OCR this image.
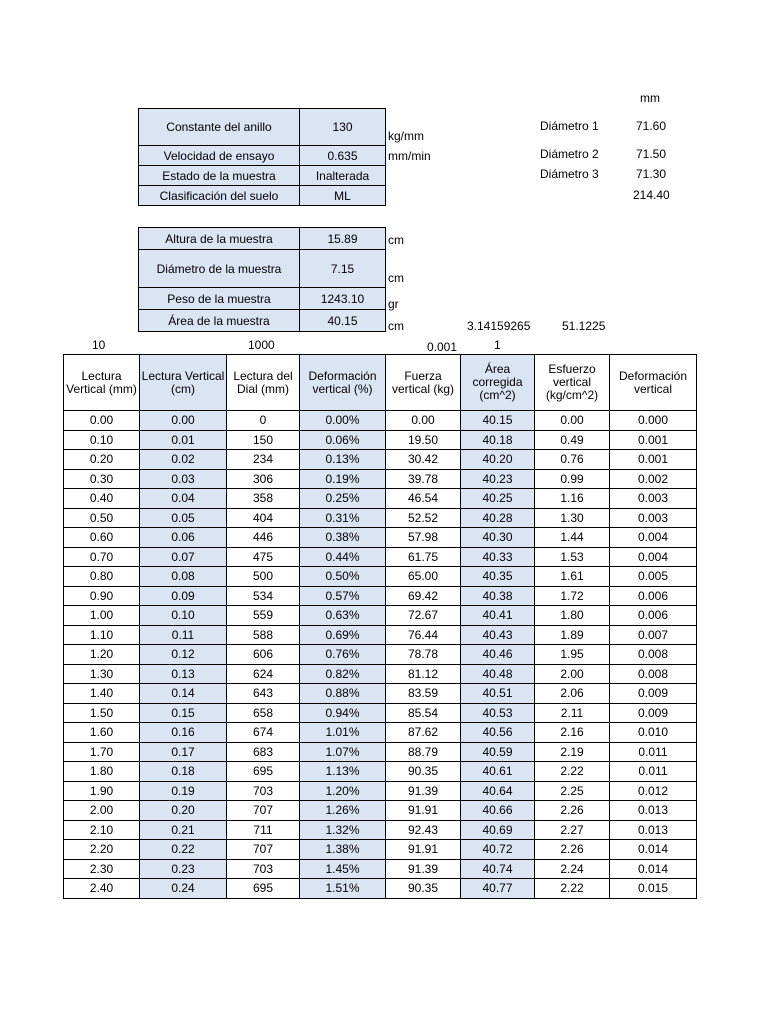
mm
Diámetro 1	71.60
Diámetro 2	71.50
Diámetro 3	71.30
214.40
Constante del anillo	130
Velocidad de ensayo	0.635
Estado de la muestra	Inalterada
Clasificación del suelo	ML
kg/mm
mm/min
Altura de la muestra	15.89
Diámetro de la muestra	7.15
Peso de la muestra	1243.10
Área de la muestra	40.15
cm
cm
gr
cm	3.14159265	51.1225
10	1000	0.001	1
Lectura Vertical (mm)	Lectura Vertical (cm)	Lectura del Dial (mm)	Deformación vertical (%)	Fuerza vertical (kg)	Área corregida (cm^2)	Esfuerzo vertical (kg/cm^2)	Deformación vertical
0.00	0.00	0	0.00%	0.00	40.15	0.00	0.000
0.10	0.01	150	0.06%	19.50	40.18	0.49	0.001
0.20	0.02	234	0.13%	30.42	40.20	0.76	0.001
0.30	0.03	306	0.19%	39.78	40.23	0.99	0.002
0.40	0.04	358	0.25%	46.54	40.25	1.16	0.003
0.50	0.05	404	0.31%	52.52	40.28	1.30	0.003
0.60	0.06	446	0.38%	57.98	40.30	1.44	0.004
0.70	0.07	475	0.44%	61.75	40.33	1.53	0.004
0.80	0.08	500	0.50%	65.00	40.35	1.61	0.005
0.90	0.09	534	0.57%	69.42	40.38	1.72	0.006
1.00	0.10	559	0.63%	72.67	40.41	1.80	0.006
1.10	0.11	588	0.69%	76.44	40.43	1.89	0.007
1.20	0.12	606	0.76%	78.78	40.46	1.95	0.008
1.30	0.13	624	0.82%	81.12	40.48	2.00	0.008
1.40	0.14	643	0.88%	83.59	40.51	2.06	0.009
1.50	0.15	658	0.94%	85.54	40.53	2.11	0.009
1.60	0.16	674	1.01%	87.62	40.56	2.16	0.010
1.70	0.17	683	1.07%	88.79	40.59	2.19	0.011
1.80	0.18	695	1.13%	90.35	40.61	2.22	0.011
1.90	0.19	703	1.20%	91.39	40.64	2.25	0.012
2.00	0.20	707	1.26%	91.91	40.66	2.26	0.013
2.10	0.21	711	1.32%	92.43	40.69	2.27	0.013
2.20	0.22	707	1.38%	91.91	40.72	2.26	0.014
2.30	0.23	703	1.45%	91.39	40.74	2.24	0.014
2.40	0.24	695	1.51%	90.35	40.77	2.22	0.015
